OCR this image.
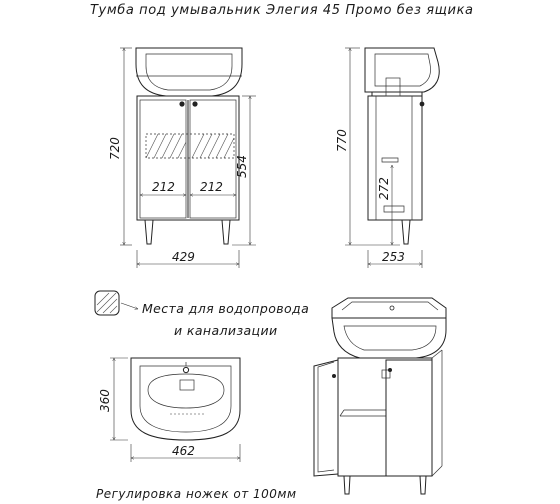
Тумба под умывальник Элегия 45 Промо без ящика
212 212
720
554
429
770
272
253
Места для водопровода
и канализации
360
462
Регулировка ножек от 100мм
